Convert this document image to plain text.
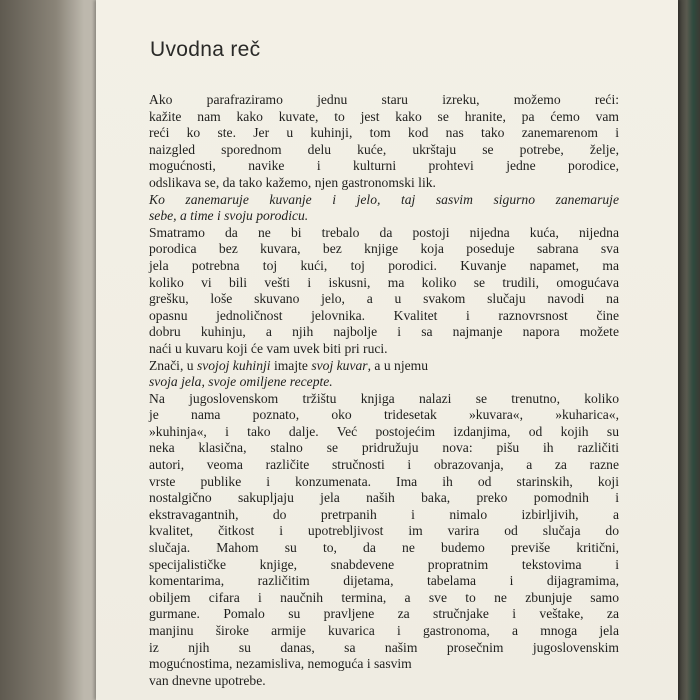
Uvodna reč
Ako parafraziramo jednu staru izreku, možemo reći:
kažite nam kako kuvate, to jest kako se hranite, pa ćemo vam
reći ko ste. Jer u kuhinji, tom kod nas tako zanemarenom i
naizgled sporednom delu kuće, ukrštaju se potrebe, želje,
mogućnosti, navike i kulturni prohtevi jedne porodice,
odslikava se, da tako kažemo, njen gastronomski lik.
Ko zanemaruje kuvanje i jelo, taj sasvim sigurno zanemaruje
sebe, a time i svoju porodicu.
Smatramo da ne bi trebalo da postoji nijedna kuća, nijedna
porodica bez kuvara, bez knjige koja poseduje sabrana sva
jela potrebna toj kući, toj porodici. Kuvanje napamet, ma
koliko vi bili vešti i iskusni, ma koliko se trudili, omogućava
grešku, loše skuvano jelo, a u svakom slučaju navodi na
opasnu jednoličnost jelovnika. Kvalitet i raznovrsnost čine
dobru kuhinju, a njih najbolje i sa najmanje napora možete
naći u kuvaru koji će vam uvek biti pri ruci.
Znači, u svojoj kuhinji imajte svoj kuvar, a u njemu
svoja jela, svoje omiljene recepte.
Na jugoslovenskom tržištu knjiga nalazi se trenutno, koliko
je nama poznato, oko tridesetak »kuvara«, »kuharica«,
»kuhinja«, i tako dalje. Već postojećim izdanjima, od kojih su
neka klasična, stalno se pridružuju nova: pišu ih različiti
autori, veoma različite stručnosti i obrazovanja, a za razne
vrste publike i konzumenata. Ima ih od starinskih, koji
nostalgično sakupljaju jela naših baka, preko pomodnih i
ekstravagantnih, do pretrpanih i nimalo izbirljivih, a
kvalitet, čitkost i upotrebljivost im varira od slučaja do
slučaja. Mahom su to, da ne budemo previše kritični,
specijalističke knjige, snabdevene propratnim tekstovima i
komentarima, različitim dijetama, tabelama i dijagramima,
obiljem cifara i naučnih termina, a sve to ne zbunjuje samo
gurmane. Pomalo su pravljene za stručnjake i veštake, za
manjinu široke armije kuvarica i gastronoma, a mnoga jela
iz njih su danas, sa našim prosečnim jugoslovenskim
mogućnostima, nezamisliva, nemoguća i sasvim
van dnevne upotrebe.
